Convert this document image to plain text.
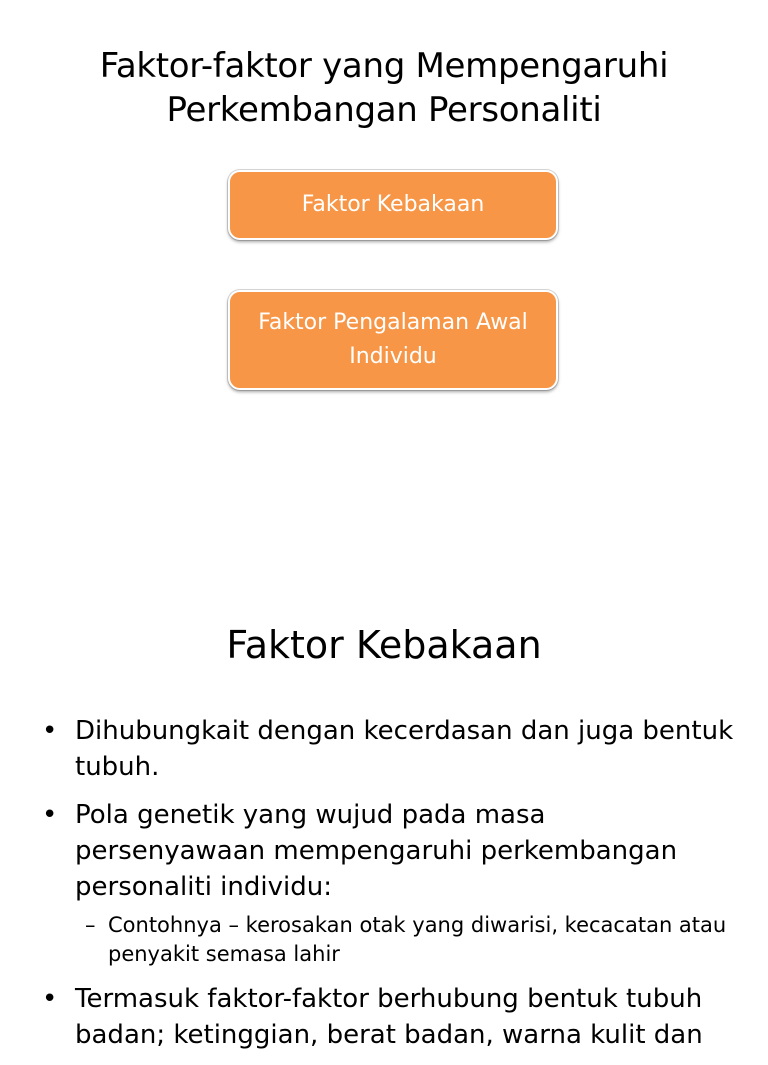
Faktor-faktor yang Mempengaruhi
Perkembangan Personaliti
Faktor Kebakaan
Faktor Pengalaman Awal
Individu
Faktor Kebakaan
• Dihubungkait dengan kecerdasan dan juga bentuk tubuh.
• Pola genetik yang wujud pada masa persenyawaan mempengaruhi perkembangan personaliti individu:
– Contohnya – kerosakan otak yang diwarisi, kecacatan atau penyakit semasa lahir
• Termasuk faktor-faktor berhubung bentuk tubuh badan; ketinggian, berat badan, warna kulit dan
